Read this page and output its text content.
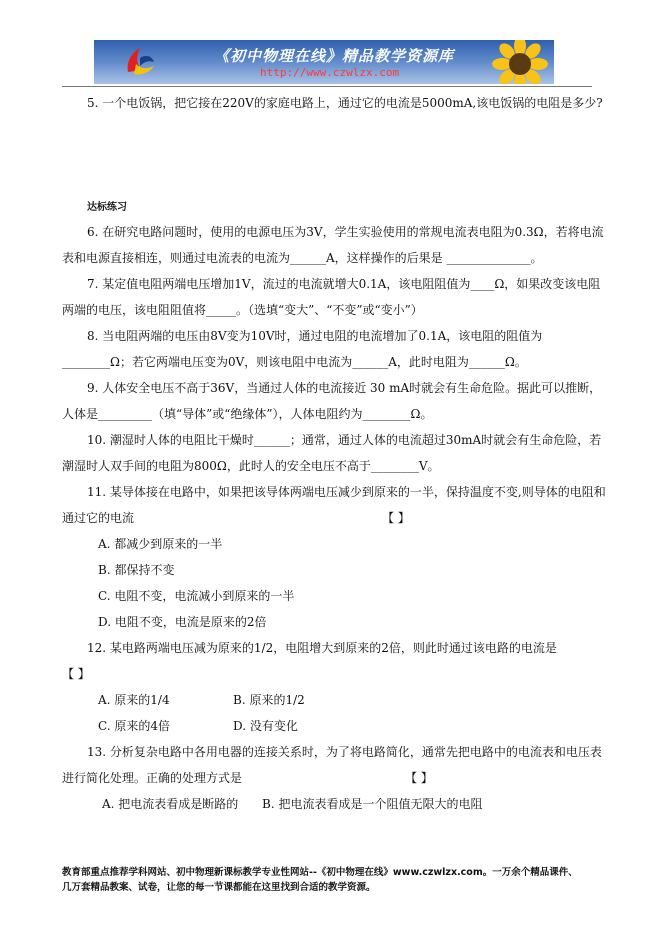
《初中物理在线》精品教学资源库
http://www.czwlzx.com
5. 一个电饭锅，把它接在220V的家庭电路上，通过它的电流是5000mA,该电饭锅的电阻是多少?
达标练习
6. 在研究电路问题时，使用的电源电压为3V，学生实验使用的常规电流表电阻为0.3Ω，若将电流
表和电源直接相连，则通过电流表的电流为______A，这样操作的后果是 ______________。
7. 某定值电阻两端电压增加1V，流过的电流就增大0.1A，该电阻阻值为____Ω，如果改变该电阻
两端的电压，该电阻阻值将_____。（选填“变大”、“不变”或“变小”）
8. 当电阻两端的电压由8V变为10V时，通过电阻的电流增加了0.1A，该电阻的阻值为
________Ω；若它两端电压变为0V，则该电阻中电流为______A，此时电阻为______Ω。
9. 人体安全电压不高于36V，当通过人体的电流接近 30 mA时就会有生命危险。据此可以推断，
人体是_________（填“导体”或“绝缘体”），人体电阻约为________Ω。
10. 潮湿时人体的电阻比干燥时______；通常，通过人体的电流超过30mA时就会有生命危险，若
潮湿时人双手间的电阻为800Ω，此时人的安全电压不高于________V。
11. 某导体接在电路中，如果把该导体两端电压减少到原来的一半，保持温度不变,则导体的电阻和
通过它的电流	【 】
A. 都减少到原来的一半
B. 都保持不变
C. 电阻不变，电流减小到原来的一半
D. 电阻不变，电流是原来的2倍
12. 某电路两端电压减为原来的1/2，电阻增大到原来的2倍，则此时通过该电路的电流是
【 】
A. 原来的1/4	B. 原来的1/2
C. 原来的4倍	D. 没有变化
13. 分析复杂电路中各用电器的连接关系时，为了将电路简化，通常先把电路中的电流表和电压表
进行简化处理。正确的处理方式是	【 】
A. 把电流表看成是断路的 B. 把电流表看成是一个阻值无限大的电阻
教育部重点推荐学科网站、初中物理新课标教学专业性网站--《初中物理在线》www.czwlzx.com。一万余个精品课件、
几万套精品教案、试卷，让您的每一节课都能在这里找到合适的教学资源。
